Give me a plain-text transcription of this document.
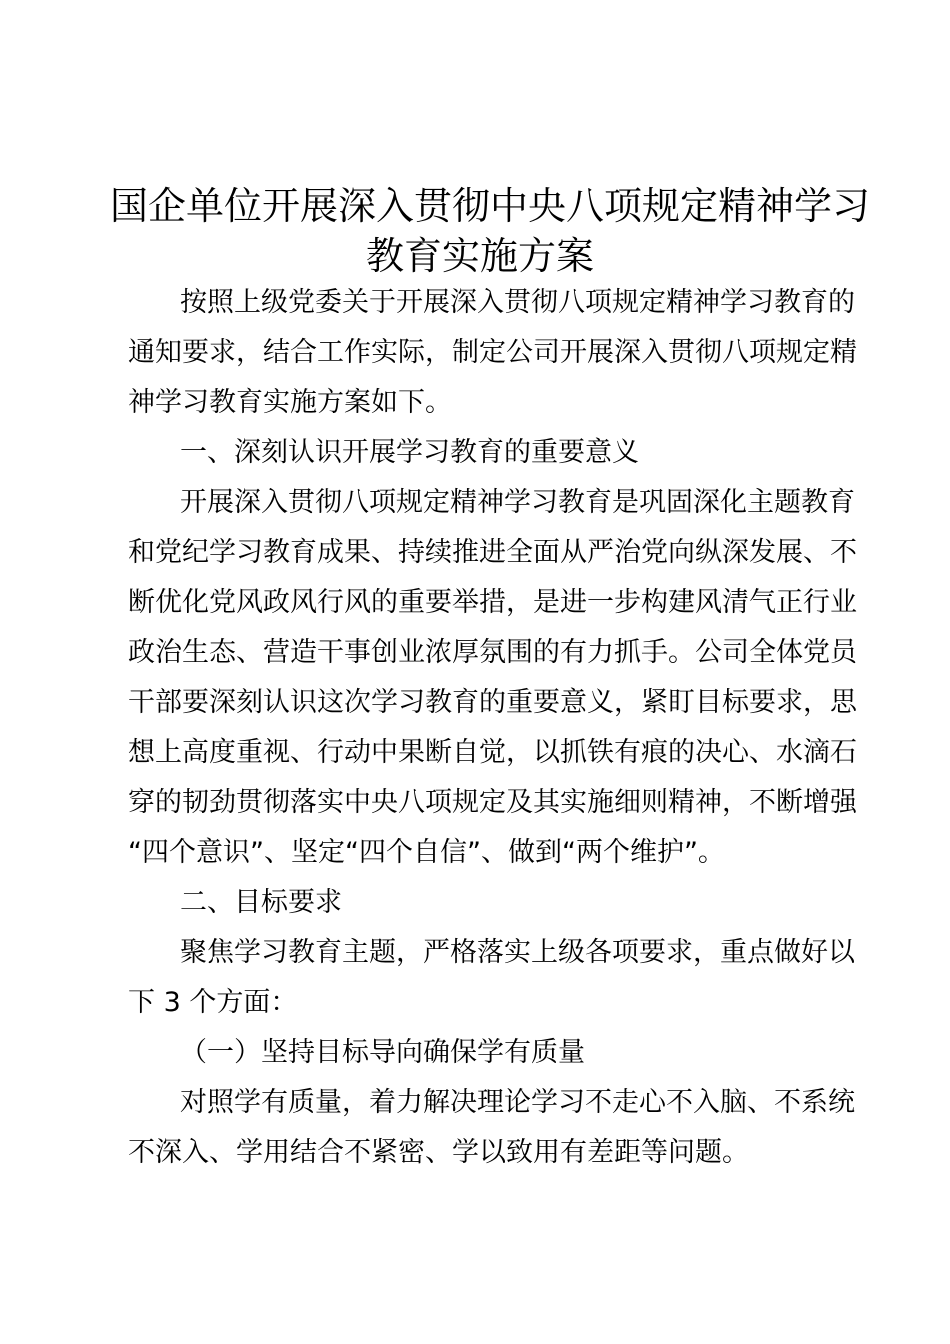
国企单位开展深入贯彻中央八项规定精神学习
教育实施方案
按照上级党委关于开展深入贯彻八项规定精神学习教育的
通知要求，结合工作实际，制定公司开展深入贯彻八项规定精
神学习教育实施方案如下。
一、深刻认识开展学习教育的重要意义
开展深入贯彻八项规定精神学习教育是巩固深化主题教育
和党纪学习教育成果、持续推进全面从严治党向纵深发展、不
断优化党风政风行风的重要举措，是进一步构建风清气正行业
政治生态、营造干事创业浓厚氛围的有力抓手。公司全体党员
干部要深刻认识这次学习教育的重要意义，紧盯目标要求，思
想上高度重视、行动中果断自觉，以抓铁有痕的决心、水滴石
穿的韧劲贯彻落实中央八项规定及其实施细则精神，不断增强
“四个意识”、坚定“四个自信”、做到“两个维护”。
二、目标要求
聚焦学习教育主题，严格落实上级各项要求，重点做好以
下 3 个方面：
（一）坚持目标导向确保学有质量
对照学有质量，着力解决理论学习不走心不入脑、不系统
不深入、学用结合不紧密、学以致用有差距等问题。
